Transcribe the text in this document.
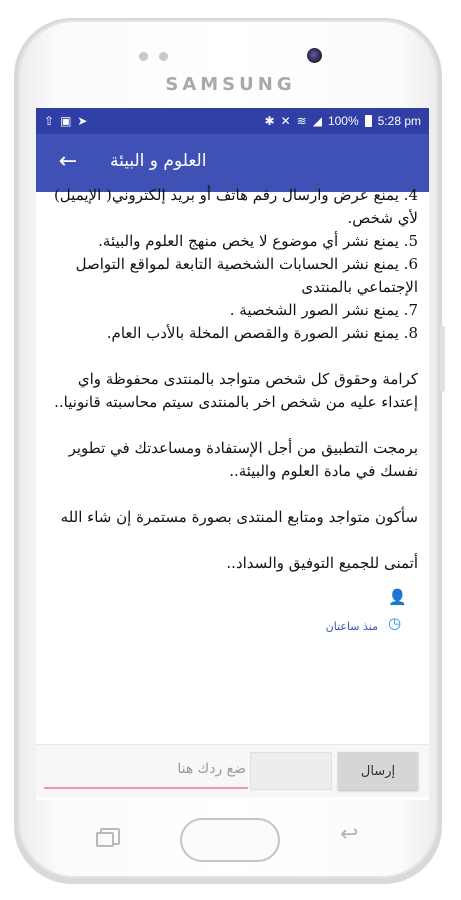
SAMSUNG
⇧ ▣ ➤	✱ ✕ ≋ ◢ 100% 5:28 pm
← العلوم و البيئة

4. يمنع عرض وارسال رقم هاتف أو بريد إلكتروني( الإيميل) لأي شخص.

5. يمنع نشر أي موضوع لا يخص منهج العلوم والبيئة.

6. يمنع نشر الحسابات الشخصية التابعة لمواقع التواصل الإجتماعي بالمنتدى

7. يمنع نشر الصور الشخصية .

8. يمنع نشر الصورة والقصص المخلة بالأدب العام.

كرامة وحقوق كل شخص متواجد بالمنتدى محفوظة واي إعتداء عليه من شخص اخر بالمنتدى سيتم محاسبته قانونيا..

برمجت التطبيق من أجل الإستفادة ومساعدتك في تطوير نفسك في مادة العلوم والبيئة..

سأكون متواجد ومتابع المنتدى بصورة مستمرة إن شاء الله

أتمنى للجميع التوفيق والسداد..

👤
◷
منذ ساعتان
ضع ردك هنا
إرسال
↩
